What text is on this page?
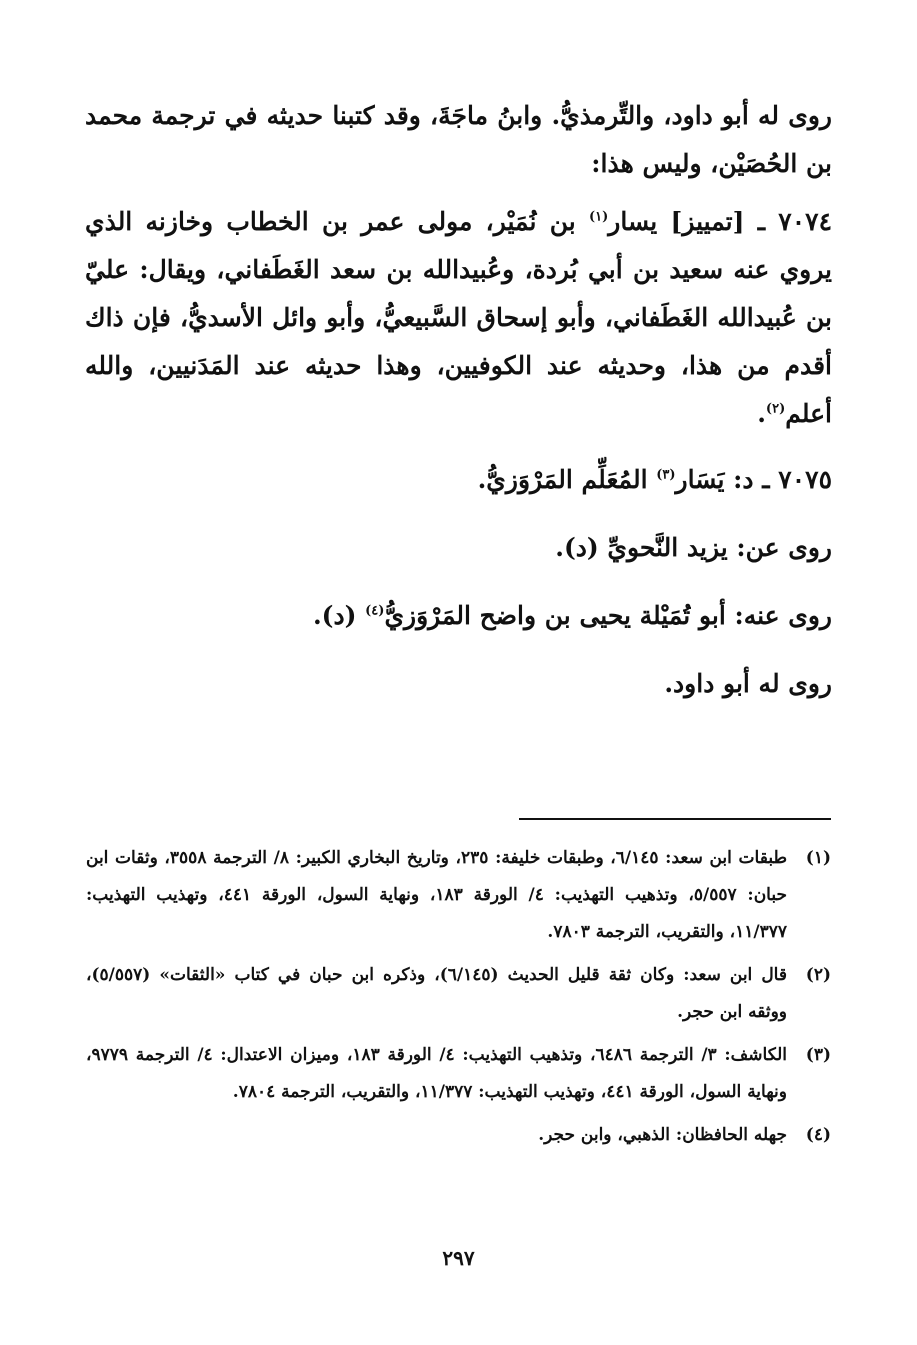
روى له أبو داود، والتِّرمذيُّ. وابنُ ماجَةَ، وقد كتبنا حديثه في ترجمة محمد بن الحُصَيْن، وليس هذا:

٧٠٧٤ ـ [تمييز] يسار$^{(١)}$ بن نُمَيْر، مولى عمر بن الخطاب وخازنه الذي يروي عنه سعيد بن أبي بُردة، وعُبيدالله بن سعد الغَطَفاني، ويقال: عليّ بن عُبيدالله الغَطَفاني، وأبو إسحاق السَّبيعيُّ، وأبو وائل الأسديُّ، فإن ذاك أقدم من هذا، وحديثه عند الكوفيين، وهذا حديثه عند المَدَنيين، والله أعلم$^{(٢)}$.

٧٠٧٥ ـ د: يَسَار$^{(٣)}$ المُعَلِّم المَرْوَزيُّ.

روى عن: يزيد النَّحويِّ (د).

روى عنه: أبو تُمَيْلة يحيى بن واضح المَرْوَزيُّ$^{(٤)}$ (د).

روى له أبو داود.

(١)
طبقات ابن سعد: ٦/١٤٥، وطبقات خليفة: ٢٣٥، وتاريخ البخاري الكبير: ٨/ الترجمة ٣٥٥٨، وثقات ابن حبان: ٥/٥٥٧، وتذهيب التهذيب: ٤/ الورقة ١٨٣، ونهاية السول، الورقة ٤٤١، وتهذيب التهذيب: ١١/٣٧٧، والتقريب، الترجمة ٧٨٠٣.
(٢)
قال ابن سعد: وكان ثقة قليل الحديث (٦/١٤٥)، وذكره ابن حبان في كتاب «الثقات» (٥/٥٥٧)، ووثقه ابن حجر.
(٣)
الكاشف: ٣/ الترجمة ٦٤٨٦، وتذهيب التهذيب: ٤/ الورقة ١٨٣، وميزان الاعتدال: ٤/ الترجمة ٩٧٧٩، ونهاية السول، الورقة ٤٤١، وتهذيب التهذيب: ١١/٣٧٧، والتقريب، الترجمة ٧٨٠٤.
(٤)
جهله الحافظان: الذهبي، وابن حجر.
٢٩٧
